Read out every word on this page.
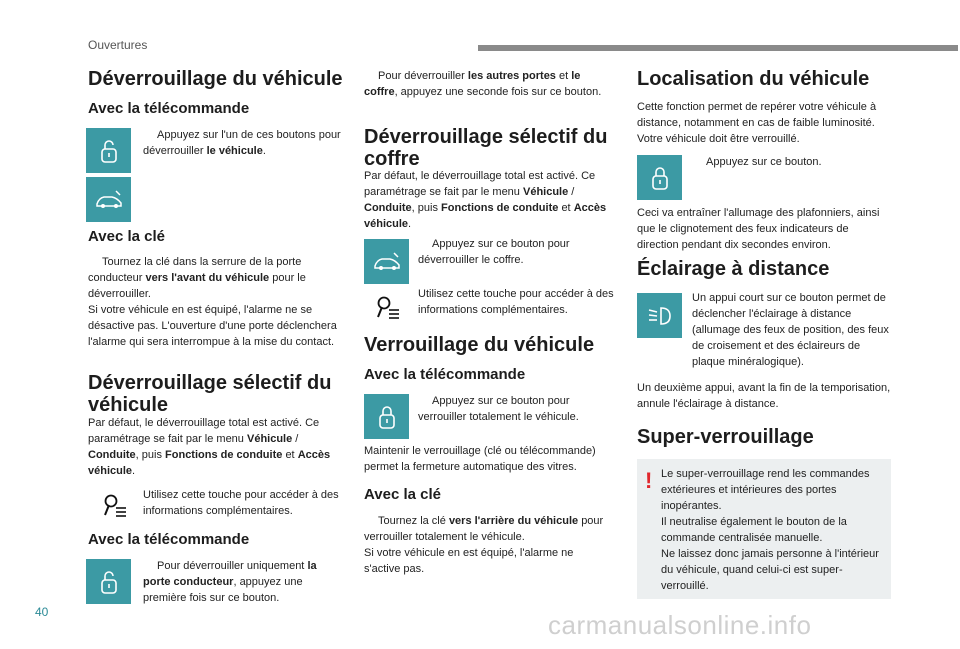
Ouvertures
40	carmanualsonline.info
Déverrouillage du véhicule
Avec la télécommande
Appuyez sur l'un de ces boutons pour déverrouiller le véhicule.
Avec la clé
Tournez la clé dans la serrure de la porte conducteur vers l'avant du véhicule pour le déverrouiller.

Si votre véhicule en est équipé, l'alarme ne se désactive pas. L'ouverture d'une porte déclenchera l'alarme qui sera interrompue à la mise du contact.

Déverrouillage sélectif du véhicule
Par défaut, le déverrouillage total est activé. Ce paramétrage se fait par le menu Véhicule / Conduite, puis Fonctions de conduite et Accès véhicule.

Utilisez cette touche pour accéder à des informations complémentaires.

Avec la télécommande
Pour déverrouiller uniquement la porte conducteur, appuyez une première fois sur ce bouton.
Pour déverrouiller les autres portes et le coffre, appuyez une seconde fois sur ce bouton.
Déverrouillage sélectif du coffre
Par défaut, le déverrouillage total est activé. Ce paramétrage se fait par le menu Véhicule / Conduite, puis Fonctions de conduite et Accès véhicule.
Appuyez sur ce bouton pour déverrouiller le coffre.

Utilisez cette touche pour accéder à des informations complémentaires.

Verrouillage du véhicule
Avec la télécommande
Appuyez sur ce bouton pour verrouiller totalement le véhicule.

Maintenir le verrouillage (clé ou télécommande) permet la fermeture automatique des vitres.

Avec la clé
Tournez la clé vers l'arrière du véhicule pour verrouiller totalement le véhicule.

Si votre véhicule en est équipé, l'alarme ne s'active pas.

Localisation du véhicule

Cette fonction permet de repérer votre véhicule à distance, notamment en cas de faible luminosité. Votre véhicule doit être verrouillé.

Appuyez sur ce bouton.

Ceci va entraîner l'allumage des plafonniers, ainsi que le clignotement des feux indicateurs de direction pendant dix secondes environ.

Éclairage à distance

Un appui court sur ce bouton permet de déclencher l'éclairage à distance (allumage des feux de position, des feux de croisement et des éclaireurs de plaque minéralogique).

Un deuxième appui, avant la fin de la temporisation, annule l'éclairage à distance.

Super-verrouillage
! Le super-verrouillage rend les commandes extérieures et intérieures des portes inopérantes.
Il neutralise également le bouton de la commande centralisée manuelle.
Ne laissez donc jamais personne à l'intérieur du véhicule, quand celui-ci est super-verrouillé.
